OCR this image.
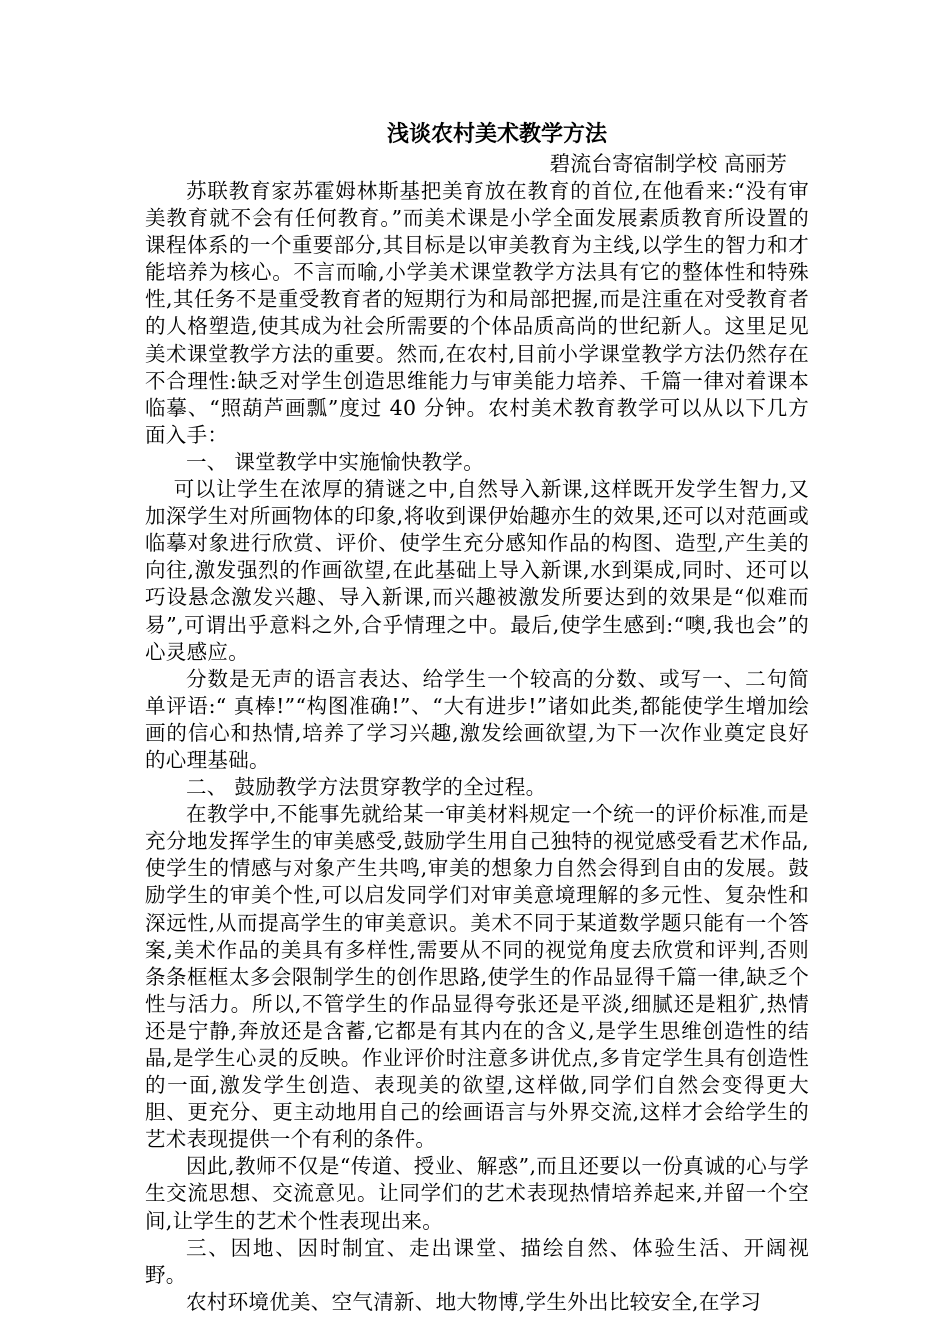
浅谈农村美术教学方法
碧流台寄宿制学校 高丽芳

苏联教育家苏霍姆林斯基把美育放在教育的首位,在他看来:“没有审美教育就不会有任何教育。”而美术课是小学全面发展素质教育所设置的课程体系的一个重要部分,其目标是以审美教育为主线,以学生的智力和才能培养为核心。不言而喻,小学美术课堂教学方法具有它的整体性和特殊性,其任务不是重受教育者的短期行为和局部把握,而是注重在对受教育者的人格塑造,使其成为社会所需要的个体品质高尚的世纪新人。这里足见美术课堂教学方法的重要。然而,在农村,目前小学课堂教学方法仍然存在不合理性:缺乏对学生创造思维能力与审美能力培养、千篇一律对着课本临摹、“照葫芦画瓢”度过 40 分钟。农村美术教育教学可以从以下几方面入手：

一、 课堂教学中实施愉快教学。

可以让学生在浓厚的猜谜之中,自然导入新课,这样既开发学生智力,又加深学生对所画物体的印象,将收到课伊始趣亦生的效果,还可以对范画或临摹对象进行欣赏、评价、使学生充分感知作品的构图、造型,产生美的向往,激发强烈的作画欲望,在此基础上导入新课,水到渠成,同时、还可以巧设悬念激发兴趣、导入新课,而兴趣被激发所要达到的效果是“似难而易”,可谓出乎意料之外,合乎情理之中。最后,使学生感到:“噢,我也会”的心灵感应。

分数是无声的语言表达、给学生一个较高的分数、或写一、二句简单评语:“ 真棒!”“构图准确!”、“大有进步!”诸如此类,都能使学生增加绘画的信心和热情,培养了学习兴趣,激发绘画欲望,为下一次作业奠定良好的心理基础。

二、 鼓励教学方法贯穿教学的全过程。

在教学中,不能事先就给某一审美材料规定一个统一的评价标准,而是充分地发挥学生的审美感受,鼓励学生用自己独特的视觉感受看艺术作品,使学生的情感与对象产生共鸣,审美的想象力自然会得到自由的发展。鼓励学生的审美个性,可以启发同学们对审美意境理解的多元性、复杂性和深远性,从而提高学生的审美意识。美术不同于某道数学题只能有一个答案,美术作品的美具有多样性,需要从不同的视觉角度去欣赏和评判,否则条条框框太多会限制学生的创作思路,使学生的作品显得千篇一律,缺乏个性与活力。所以,不管学生的作品显得夸张还是平淡,细腻还是粗犷,热情还是宁静,奔放还是含蓄,它都是有其内在的含义,是学生思维创造性的结晶,是学生心灵的反映。作业评价时注意多讲优点,多肯定学生具有创造性的一面,激发学生创造、表现美的欲望,这样做,同学们自然会变得更大胆、更充分、更主动地用自己的绘画语言与外界交流,这样才会给学生的艺术表现提供一个有利的条件。

因此,教师不仅是“传道、授业、解惑”,而且还要以一份真诚的心与学生交流思想、交流意见。让同学们的艺术表现热情培养起来,并留一个空间,让学生的艺术个性表现出来。

三、因地、因时制宜、走出课堂、描绘自然、体验生活、开阔视野。

农村环境优美、空气清新、地大物博,学生外出比较安全,在学习
